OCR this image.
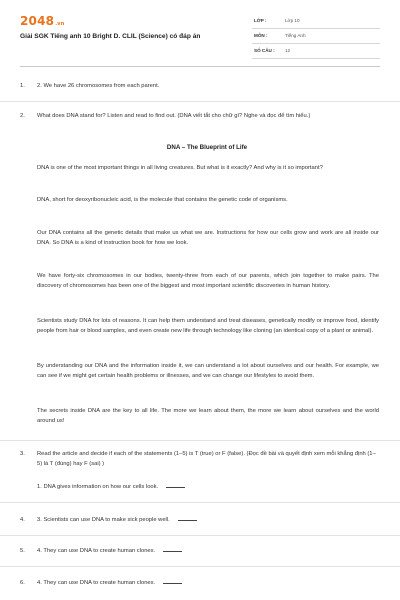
2048.vn
Giải SGK Tiếng anh 10 Bright D. CLIL (Science) có đáp án
LỚP :	Lớp 10
MÔN :	Tiếng Anh
SỐ CÂU : 12
1.	2. We have 26 chromosomes from each parent.
2.	What does DNA stand for? Listen and read to find out. (DNA viết tắt cho chữ gì? Nghe và đọc để tìm hiểu.)
DNA – The Blueprint of Life
DNA is one of the most important things in all living creatures. But what is it exactly? And why is it so important?
DNA, short for deoxyribonucleic acid, is the molecule that contains the genetic code of organisms.
Our DNA contains all the genetic details that make us what we are. Instructions for how our cells grow and work are all inside our DNA. So DNA is a kind of instruction book for how we look.
We have forty-six chromosomes in our bodies, twenty-three from each of our parents, which join together to make pairs. The discovery of chromosomes has been one of the biggest and most important scientific discoveries in human history.
Scientists study DNA for lots of reasons. It can help them understand and treat diseases, genetically modify or improve food, identify people from hair or blood samples, and even create new life through technology like cloning (an identical copy of a plant or animal).
By understanding our DNA and the information inside it, we can understand a lot about ourselves and our health. For example, we can see if we might get certain health problems or illnesses, and we can change our lifestyles to avoid them.
The secrets inside DNA are the key to all life. The more we learn about them, the more we learn about ourselves and the world around us!
3.	Read the article and decide if each of the statements (1–5) is T (true) or F (false). (Đọc đề bài và quyết định xem mỗi khẳng định (1–5) là T (đúng) hay F (sai) )
1. DNA gives information on how our cells look.
4.	3. Scientists can use DNA to make sick people well.
5.	4. They can use DNA to create human clones.
6.	4. They can use DNA to create human clones.
